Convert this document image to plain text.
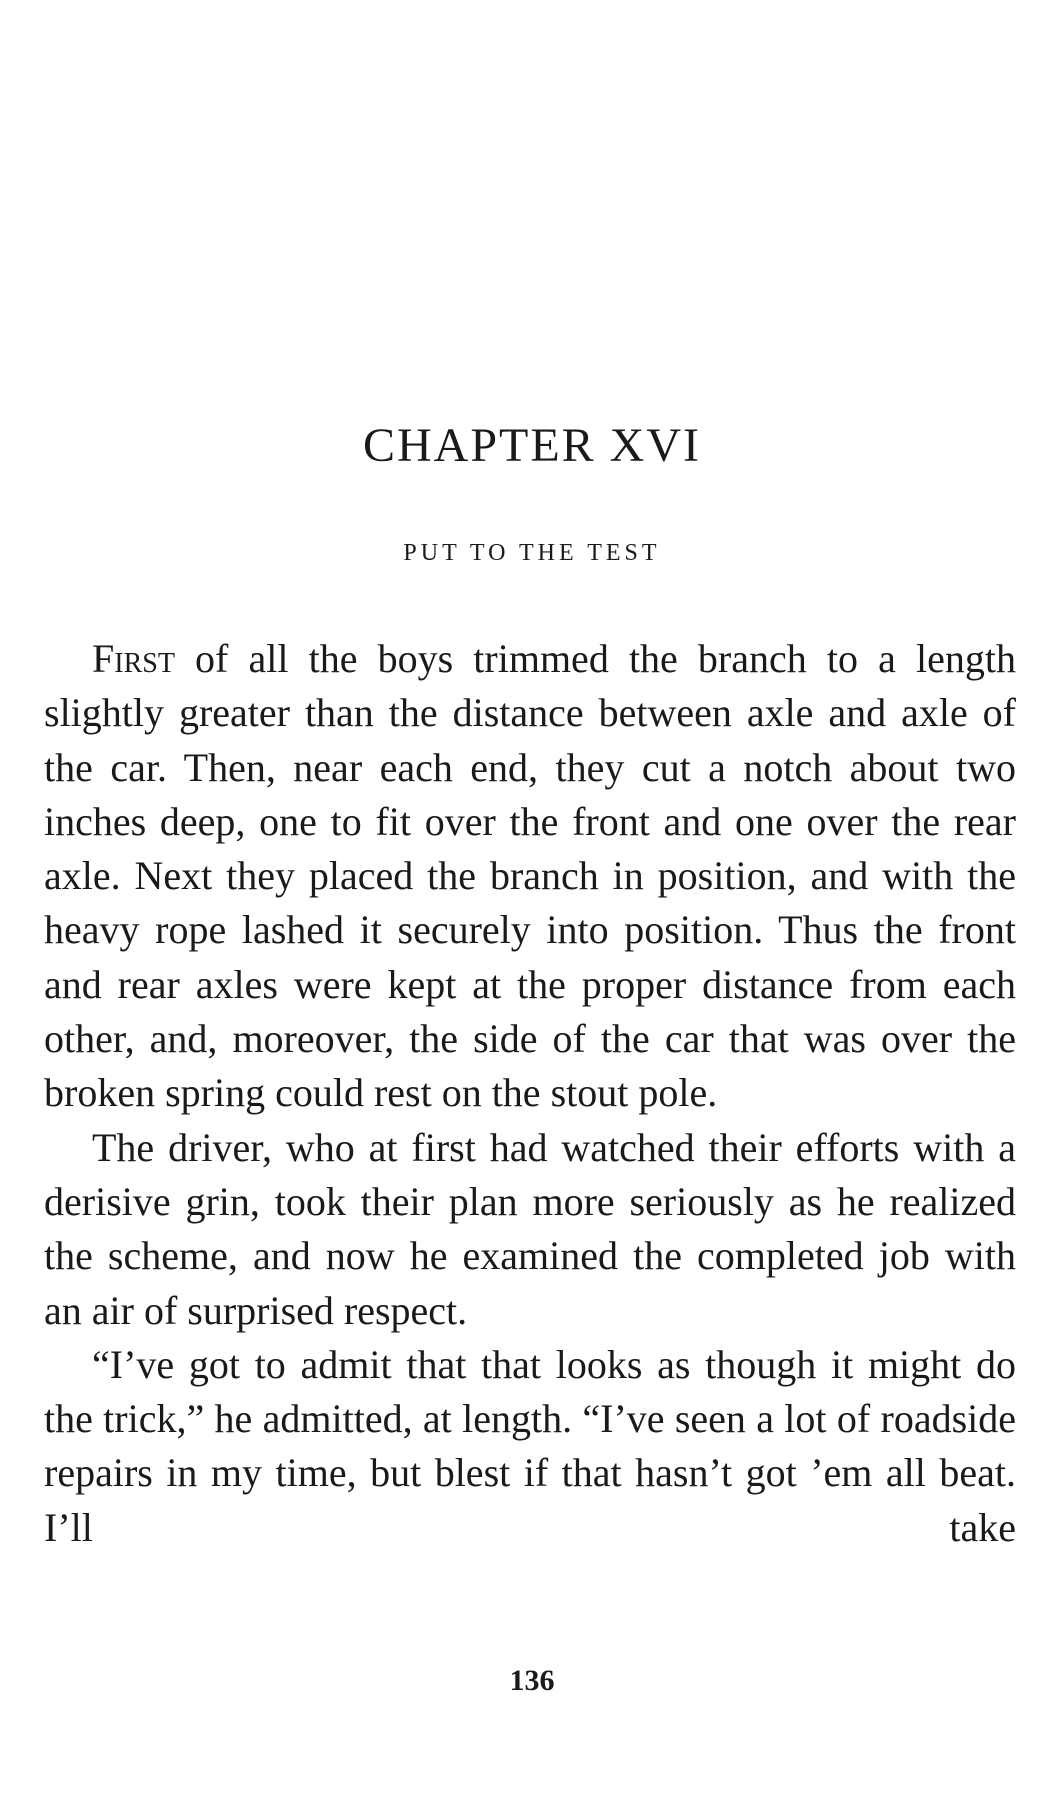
CHAPTER XVI
PUT TO THE TEST

First of all the boys trimmed the branch to a length slightly greater than the distance between axle and axle of the car. Then, near each end, they cut a notch about two inches deep, one to fit over the front and one over the rear axle. Next they placed the branch in position, and with the heavy rope lashed it securely into position. Thus the front and rear axles were kept at the proper distance from each other, and, moreover, the side of the car that was over the broken spring could rest on the stout pole.

The driver, who at first had watched their efforts with a derisive grin, took their plan more seriously as he realized the scheme, and now he examined the completed job with an air of surprised respect.

“I’ve got to admit that that looks as though it might do the trick,” he admitted, at length. “I’ve seen a lot of roadside repairs in my time, but blest if that hasn’t got ’em all beat. I’ll take

136
